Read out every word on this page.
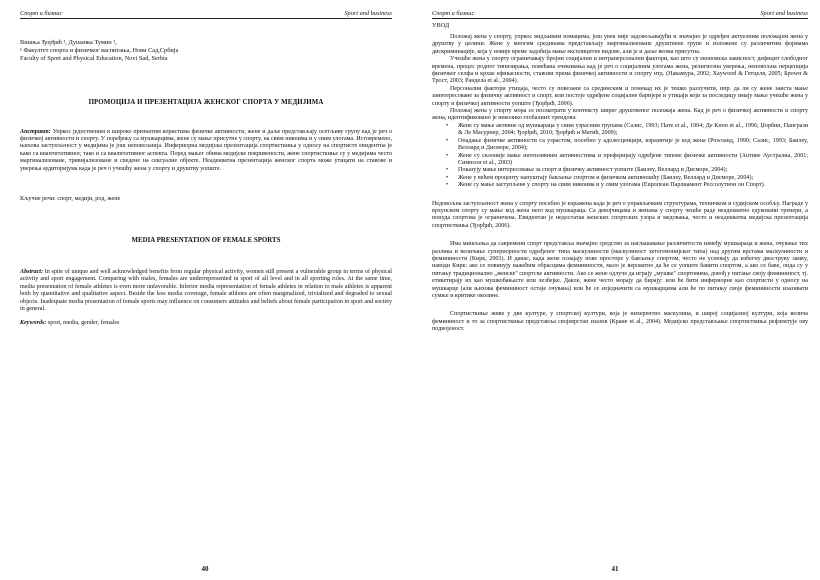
Спорт и бизнис	Sport and business
Вишња Ђорђић ¹, Душанка Тумин ¹,
¹ Факултет спорта и физичког васпитања, Нови Сад,Србија
Faculty of Sport and Physical Education, Novi Sad, Serbia
ПРОМОЦИЈА И ПРЕЗЕНТАЦИЈА ЖЕНСКОГ СПОРТА У МЕДИЈИМА

Апстракт: Упркос једнственим и широко признатим користима физичке активности, жене и даље представљају осетљиву групу кад је реч о физичкој активности и спорту. У поређењу са мушкарцима, жене су мање присутне у спорту, на свим нивоима и у свим улогама. Истовремено, њихова заступљеност у медијима је још неповољнија. Инфериорна медијска презентација спортисткиња у односу на спортисте евидентна је како са квантитативног, тако и са квалитативног аспекта. Поред мањег обима медијске покривености, жене спортисткиње су у медијима често маргинализоване, тривијализоване и сведене на сексуалне објекте. Неадекватна презентација женског спорта може утицати на ставове и уверења аудиторијума када је реч о учешћу жена у спорту и друштву уопште.

Кључне речи: спорт, медији, род, жене

MEDIA PRESENTATION OF FEMALE SPORTS

Abstract: In spite of unique and well acknowledged benefits from regular physical activity, women still present a vulnerable group in terms of physical activity and sport engagement. Comparing with males, females are underrepresented in sport of all level and in all sporting roles. At the same time, media presentation of female athletes is even more unfavorable. Inferior media representation of female athletes in relation to male athletes is apparent both by quantitative and qualitative aspect. Beside the less media coverage, female athletes are often marginalized, trivialized and degraded to sexual objects. Inadequate media presentation of female sports may influence on consumers attitudes and beliefs about female participation in sport and society in general.

Keywords: sport, media, gender, females

40
Спорт и бизнис	Sport and business
УВОД

Положај жена у спорту, упркос видљивим помацима, још увек није задовољавајући и значајно је одређен актуелним положајем жена у друштву у целини. Жене у многим срединама представљају маргинализоване друштвене групе и изложене су различитим формама дискриминације, која у новије време задобија мање експлицитне видове, али је и даље веома присутна.

Учешће жена у спорту ограничавају бројни социјални и интраперсонални фактори, као што су економска зависност, дефицит слободног времена, процес родног типизирања, повећана очекивања кад је реч о социјалним улогама жена, религиозна уверења, неповољна перцепција физичког селфа и крхке ефикасности, ставови према физичкој активности и спорту итд. (Накамура, 2002; Хаywood & Гетцеля, 2005; Броwн & Трост, 2003; Рандела et al., 2004).

Персонални фактори утицаја, често су повезани са срединским и понекад их је тешко разлучити, нпр. да ли су жене заиста мање заинтересоване за физичку активност и спорт, или постоје одређене социјалне баријере и утицаји који за последицу имају мање учешће жена у спорту и физичкој активности уопште (Ђорђић, 2006).

Положај жена у спорту мора се посматрати у контексту ширег друштвеног положаја жена. Кад је реч о физичкој активности и спорту жена, идентификовано је неколико глобалних трендова:

• Жене су мање активне од мушкараца у свим узрасним групама (Салис, 1993; Пате et al., 1994; Де Кноп et al., 1996; Џорбин, Пангрази & Ле Масурнер, 2004; Ђорђић, 2010; Ђорђић и Матић, 2009);
• Опадање физичке активности са узрастом, посебно у адолесценцији, изразитије је код жена (Роwланд, 1990; Салис, 1993; Баилеу, Веллард и Дисморе, 2004);
• Жене су склоније мање интензивним активностима и преферирају одређене типове физичке активности (Аuтиве Аустралиа, 2001; Симпсон et al., 2003)
• Показују мање интересовање за спорт и физичку активност уопште (Баилеу, Веллард и Дисморе, 2004);
• Жене у већем проценту напуштају бављење спортом и физичком активношћу (Баилеу, Веллард и Дисморе, 2004);
• Жене су мање заступљене у спорту на свим нивоима и у свим улогама (Еuропеан Парлиамент Рессолутион он Спорт).

Недовољна заступљеност жена у спорту посебно је изражена када је реч о управљачким структурама, техничком и судијском особљу. Награде у врхунском спорту су мање код жена него код мушкараца. Са девојчицама и женама у спорту чешће раде неадекватно едуковани тренери, а понуда спортова је ограничена. Евидентан је недостатак женских спортских узора и медовања, често и неадекватна медијска презентација спортисткиња (Ђорђић, 2006).

Има мишљења да савремени спорт представља значајно средство за наглашавање различитости између мушкараца и жена, очување тих разлика и величање супериорности одређеног типа маскулиности (маскулиност хетегемонијског типа) над другим врстама маскулиности и фемининости (Кирк, 2003). И данас, када жене освајају нове просторе у бављењу спортом, често не успевају да избегну двоструку замку, наводи Кирк: ако се повинују важећим обрасцима фемининости, мало је вероватно да ће се уопште бавити спортом, а ако се баве, онда су у питању традиционално „женске" спортске активности. Ако се жене одлуче да играју „мушке" спортовима, довођ у питање своју фемининост, тј. етикетирају их као мушкобањасте или лезбејке. Дакле, жене често морају да бирају: или ће бити инфериорне као спортисти у односу на мушкарце (али њихова фемининост остаје очувана) или ће се изједначити са мушкарцима али ће по питању своје фемининости изазивати сумње и критике околине.

Спортисткиње живе у две културе, у спортској култури, која је нихерентно маскулина, и широј социјалној култури, која велича фемининост и то за спортисткиње представља својеврстан изазов (Кране et al., 2004). Медијско представљање спортисткиња рефлектује ову подвојеност.

41
